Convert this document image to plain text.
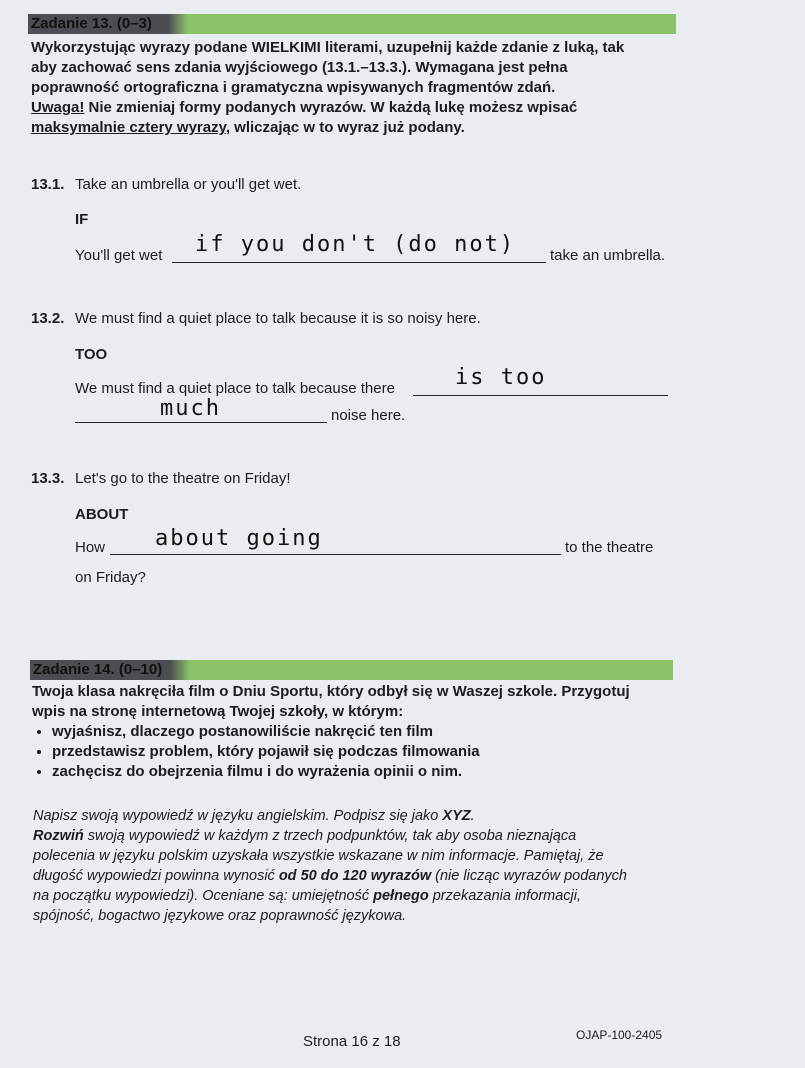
Zadanie 13. (0–3)
Wykorzystując wyrazy podane WIELKIMI literami, uzupełnij każde zdanie z luką, tak
aby zachować sens zdania wyjściowego (13.1.–13.3.). Wymagana jest pełna
poprawność ortograficzna i gramatyczna wpisywanych fragmentów zdań.
Uwaga! Nie zmieniaj formy podanych wyrazów. W każdą lukę możesz wpisać
maksymalnie cztery wyrazy, wliczając w to wyraz już podany.
13.1. Take an umbrella or you'll get wet.
IF
You'll get wet if you don't (do not) take an umbrella.
13.2. We must find a quiet place to talk because it is so noisy here.
TOO
We must find a quiet place to talk because there	is too
much	noise here.
13.3. Let's go to the theatre on Friday!
ABOUT
How about going	to the theatre
on Friday?
Zadanie 14. (0–10)
Twoja klasa nakręciła film o Dniu Sportu, który odbył się w Waszej szkole. Przygotuj
wpis na stronę internetową Twojej szkoły, w którym:
• wyjaśnisz, dlaczego postanowiliście nakręcić ten film
• przedstawisz problem, który pojawił się podczas filmowania
• zachęcisz do obejrzenia filmu i do wyrażenia opinii o nim.
Napisz swoją wypowiedź w języku angielskim. Podpisz się jako XYZ.
Rozwiń swoją wypowiedź w każdym z trzech podpunktów, tak aby osoba nieznająca
polecenia w języku polskim uzyskała wszystkie wskazane w nim informacje. Pamiętaj, że
długość wypowiedzi powinna wynosić od 50 do 120 wyrazów (nie licząc wyrazów podanych
na początku wypowiedzi). Oceniane są: umiejętność pełnego przekazania informacji,
spójność, bogactwo językowe oraz poprawność językowa.
Strona 16 z 18	OJAP-100-2405
